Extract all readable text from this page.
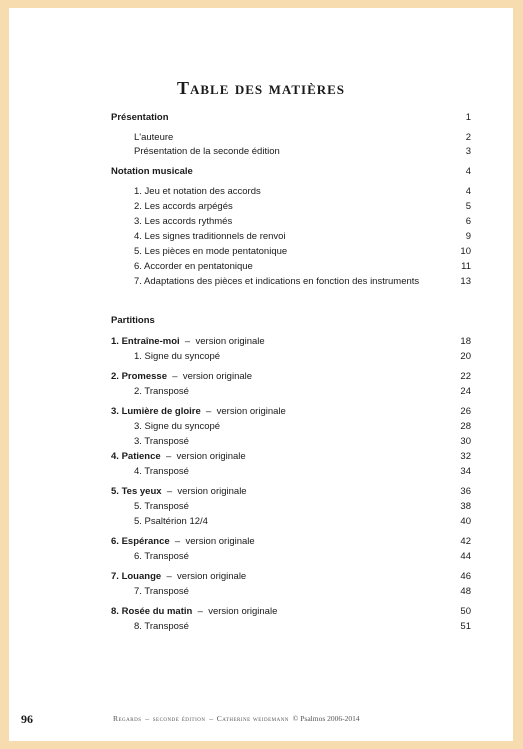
Table des matières
Présentation	1
L'auteure	2
Présentation de la seconde édition	3
Notation musicale	4
1. Jeu et notation des accords	4
2. Les accords arpégés	5
3. Les accords rythmés	6
4. Les signes traditionnels de renvoi	9
5. Les pièces en mode pentatonique	10
6. Accorder en pentatonique	11
7. Adaptations des pièces et indications en fonction des instruments	13
Partitions
1. Entraîne-moi – version originale	18
1. Signe du syncopé	20
2. Promesse – version originale	22
2. Transposé	24
3. Lumière de gloire – version originale	26
3. Signe du syncopé	28
3. Transposé	30
4. Patience – version originale	32
4. Transposé	34
5. Tes yeux – version originale	36
5. Transposé	38
5. Psaltérion 12/4	40
6. Espérance – version originale	42
6. Transposé	44
7. Louange – version originale	46
7. Transposé	48
8. Rosée du matin – version originale	50
8. Transposé	51
96	Regards – seconde édition – Catherine weidemann © Psalmos 2006-2014
